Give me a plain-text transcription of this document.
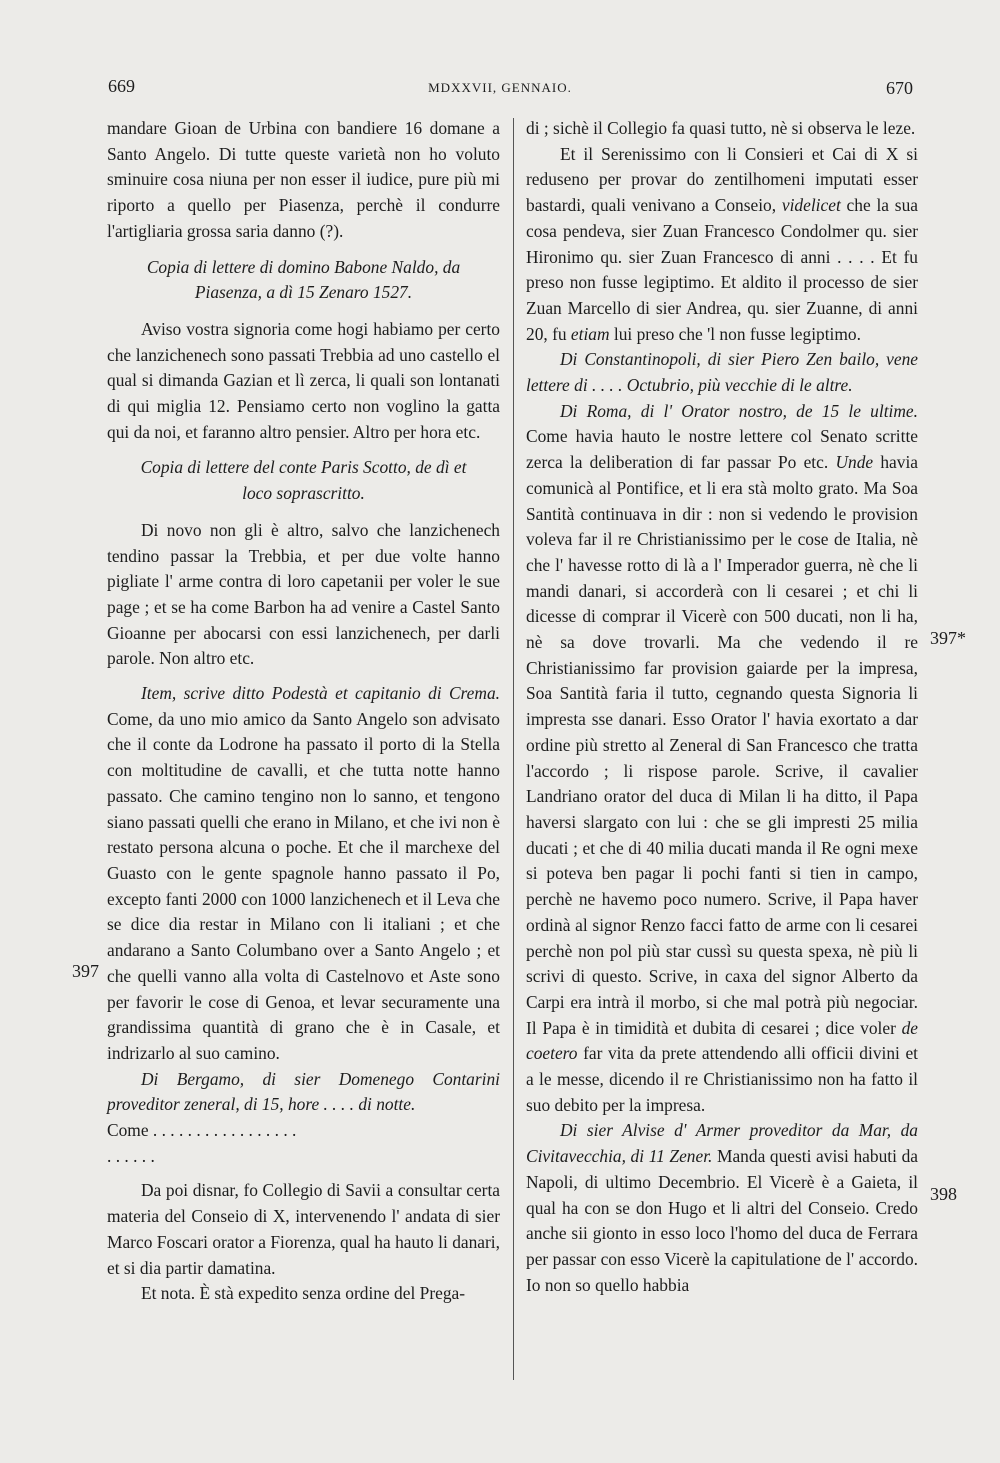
669	MDXXVII, GENNAIO.	670
397*
398
397

mandare Gioan de Urbina con bandiere 16 domane a Santo Angelo. Di tutte queste varietà non ho voluto sminuire cosa niuna per non esser il iudice, pure più mi riporto a quello per Piasenza, perchè il condurre l'artigliaria grossa saria danno (?).

Copia di lettere di domino Babone Naldo, da
Piasenza, a dì 15 Zenaro 1527.

Aviso vostra signoria come hogi habiamo per certo che lanzichenech sono passati Trebbia ad uno castello el qual si dimanda Gazian et lì zerca, li quali son lontanati di qui miglia 12. Pensiamo certo non voglino la gatta qui da noi, et faranno altro pensier. Altro per hora etc.

Copia di lettere del conte Paris Scotto, de dì et
loco soprascritto.

Di novo non gli è altro, salvo che lanzichenech tendino passar la Trebbia, et per due volte hanno pigliate l' arme contra di loro capetanii per voler le sue page ; et se ha come Barbon ha ad venire a Castel Santo Gioanne per abocarsi con essi lanzichenech, per darli parole. Non altro etc.

Item, scrive ditto Podestà et capitanio di Crema. Come, da uno mio amico da Santo Angelo son advisato che il conte da Lodrone ha passato il porto di la Stella con moltitudine de cavalli, et che tutta notte hanno passato. Che camino tengino non lo sanno, et tengono siano passati quelli che erano in Milano, et che ivi non è restato persona alcuna o poche. Et che il marchexe del Guasto con le gente spagnole hanno passato il Po, excepto fanti 2000 con 1000 lanzichenech et il Leva che se dice dia restar in Milano con li italiani ; et che andarano a Santo Columbano over a Santo Angelo ; et che quelli vanno alla volta di Castelnovo et Aste sono per favorir le cose di Genoa, et levar securamente una grandissima quantità di grano che è in Casale, et indrizarlo al suo camino.

Di Bergamo, di sier Domenego Contarini proveditor zeneral, di 15, hore . . . . di notte.

Come . . . . . . . . . . . . . . . . .

. . . . . .

Da poi disnar, fo Collegio di Savii a consultar certa materia del Conseio di X, intervenendo l' andata di sier Marco Foscari orator a Fiorenza, qual ha hauto li danari, et si dia partir damatina.

Et nota. È stà expedito senza ordine del Prega-

di ; sichè il Collegio fa quasi tutto, nè si observa le leze.

Et il Serenissimo con li Consieri et Cai di X si reduseno per provar do zentilhomeni imputati esser bastardi, quali venivano a Conseio, videlicet che la sua cosa pendeva, sier Zuan Francesco Condolmer qu. sier Hironimo qu. sier Zuan Francesco di anni . . . . Et fu preso non fusse legiptimo. Et aldito il processo de sier Zuan Marcello di sier Andrea, qu. sier Zuanne, di anni 20, fu etiam lui preso che 'l non fusse legiptimo.

Di Constantinopoli, di sier Piero Zen bailo, vene lettere di . . . . Octubrio, più vecchie di le altre.

Di Roma, di l' Orator nostro, de 15 le ultime. Come havia hauto le nostre lettere col Senato scritte zerca la deliberation di far passar Po etc. Unde havia comunicà al Pontifice, et li era stà molto grato. Ma Soa Santità continuava in dir : non si vedendo le provision voleva far il re Christianissimo per le cose de Italia, nè che l' havesse rotto di là a l' Imperador guerra, nè che li mandi danari, si accorderà con li cesarei ; et chi li dicesse di comprar il Vicerè con 500 ducati, non li ha, nè sa dove trovarli. Ma che vedendo il re Christianissimo far provision gaiarde per la impresa, Soa Santità faria il tutto, cegnando questa Signoria li impresta sse danari. Esso Orator l' havia exortato a dar ordine più stretto al Zeneral di San Francesco che tratta l'accordo ; li rispose parole. Scrive, il cavalier Landriano orator del duca di Milan li ha ditto, il Papa haversi slargato con lui : che se gli impresti 25 milia ducati ; et che di 40 milia ducati manda il Re ogni mexe si poteva ben pagar li pochi fanti si tien in campo, perchè ne havemo poco numero. Scrive, il Papa haver ordinà al signor Renzo facci fatto de arme con li cesarei perchè non pol più star cussì su questa spexa, nè più li scrivi di questo. Scrive, in caxa del signor Alberto da Carpi era intrà il morbo, si che mal potrà più negociar. Il Papa è in timidità et dubita di cesarei ; dice voler de coetero far vita da prete attendendo alli officii divini et a le messe, dicendo il re Christianissimo non ha fatto il suo debito per la impresa.

Di sier Alvise d' Armer proveditor da Mar, da Civitavecchia, di 11 Zener. Manda questi avisi habuti da Napoli, di ultimo Decembrio. El Vicerè è a Gaieta, il qual ha con se don Hugo et li altri del Conseio. Credo anche sii gionto in esso loco l'homo del duca de Ferrara per passar con esso Vicerè la capitulatione de l' accordo. Io non so quello habbia
